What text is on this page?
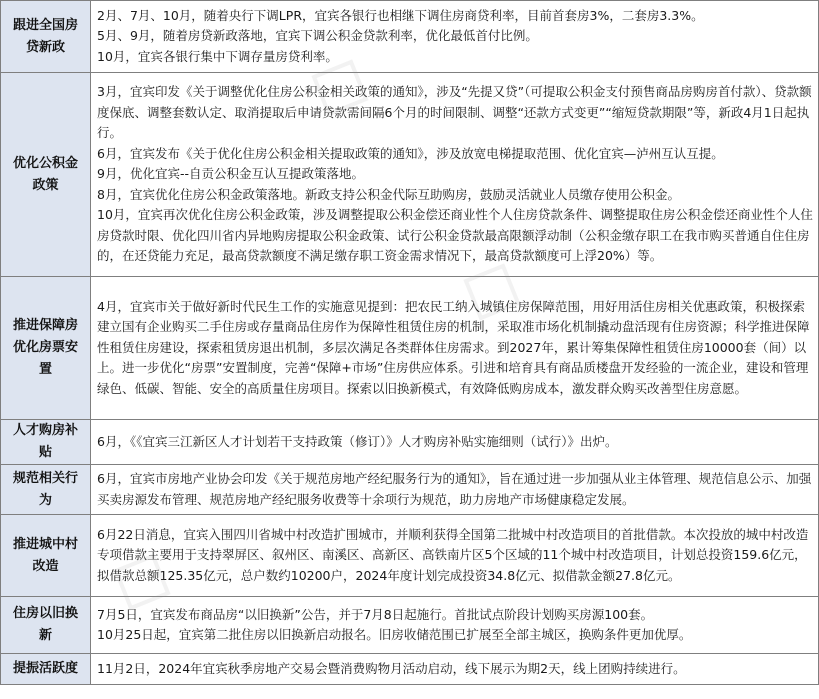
跟进全国房贷新政	2月、7月、10月，随着央行下调LPR，宜宾各银行也相继下调住房商贷利率，目前首套房3%，二套房3.3%。

5月、9月，随着房贷新政落地，宜宾下调公积金贷款利率，优化最低首付比例。

10月，宜宾各银行集中下调存量房贷利率。

优化公积金政策	3月，宜宾印发《关于调整优化住房公积金相关政策的通知》，涉及“先提又贷”（可提取公积金支付预售商品房购房首付款）、贷款额度保底、调整套数认定、取消提取后申请贷款需间隔6个月的时间限制、调整“还款方式变更”“缩短贷款期限”等，新政4月1日起执行。

6月，宜宾发布《关于优化住房公积金相关提取政策的通知》，涉及放宽电梯提取范围、优化宜宾—泸州互认互提。

9月，优化宜宾--自贡公积金互认互提政策落地。

8月，宜宾优化住房公积金政策落地。新政支持公积金代际互助购房，鼓励灵活就业人员缴存使用公积金。

10月，宜宾再次优化住房公积金政策，涉及调整提取公积金偿还商业性个人住房贷款条件、调整提取住房公积金偿还商业性个人住房贷款时限、优化四川省内异地购房提取公积金政策、试行公积金贷款最高限额浮动制（公积金缴存职工在我市购买普通自住住房的，在还贷能力充足，最高贷款额度不满足缴存职工资金需求情况下，最高贷款额度可上浮20%）等。

推进保障房优化房票安置	4月，宜宾市关于做好新时代民生工作的实施意见提到：把农民工纳入城镇住房保障范围，用好用活住房相关优惠政策，积极探索建立国有企业购买二手住房或存量商品住房作为保障性租赁住房的机制，采取准市场化机制撬动盘活现有住房资源；科学推进保障性租赁住房建设，探索租赁房退出机制，多层次满足各类群体住房需求。到2027年，累计筹集保障性租赁住房10000套（间）以上。进一步优化“房票”安置制度，完善“保障+市场”住房供应体系。引进和培育具有商品质楼盘开发经验的一流企业，建设和管理绿色、低碳、智能、安全的高质量住房项目。探索以旧换新模式，有效降低购房成本，激发群众购买改善型住房意愿。

人才购房补贴	6月，《《宜宾三江新区人才计划若干支持政策（修订）》人才购房补贴实施细则（试行）》出炉。

规范相关行为	6月，宜宾市房地产业协会印发《关于规范房地产经纪服务行为的通知》，旨在通过进一步加强从业主体管理、规范信息公示、加强买卖房源发布管理、规范房地产经纪服务收费等十余项行为规范，助力房地产市场健康稳定发展。

推进城中村改造	6月22日消息，宜宾入围四川省城中村改造扩围城市，并顺利获得全国第二批城中村改造项目的首批借款。本次投放的城中村改造专项借款主要用于支持翠屏区、叙州区、南溪区、高新区、高铁南片区5个区域的11个城中村改造项目，计划总投资159.6亿元，拟借款总额125.35亿元，总户数约10200户，2024年度计划完成投资34.8亿元、拟借款金额27.8亿元。

住房以旧换新	7月5日，宜宾发布商品房“以旧换新”公告，并于7月8日起施行。首批试点阶段计划购买房源100套。

10月25日起，宜宾第二批住房以旧换新启动报名。旧房收储范围已扩展至全部主城区，换购条件更加优厚。

提振活跃度	11月2日，2024年宜宾秋季房地产交易会暨消费购物月活动启动，线下展示为期2天，线上团购持续进行。
